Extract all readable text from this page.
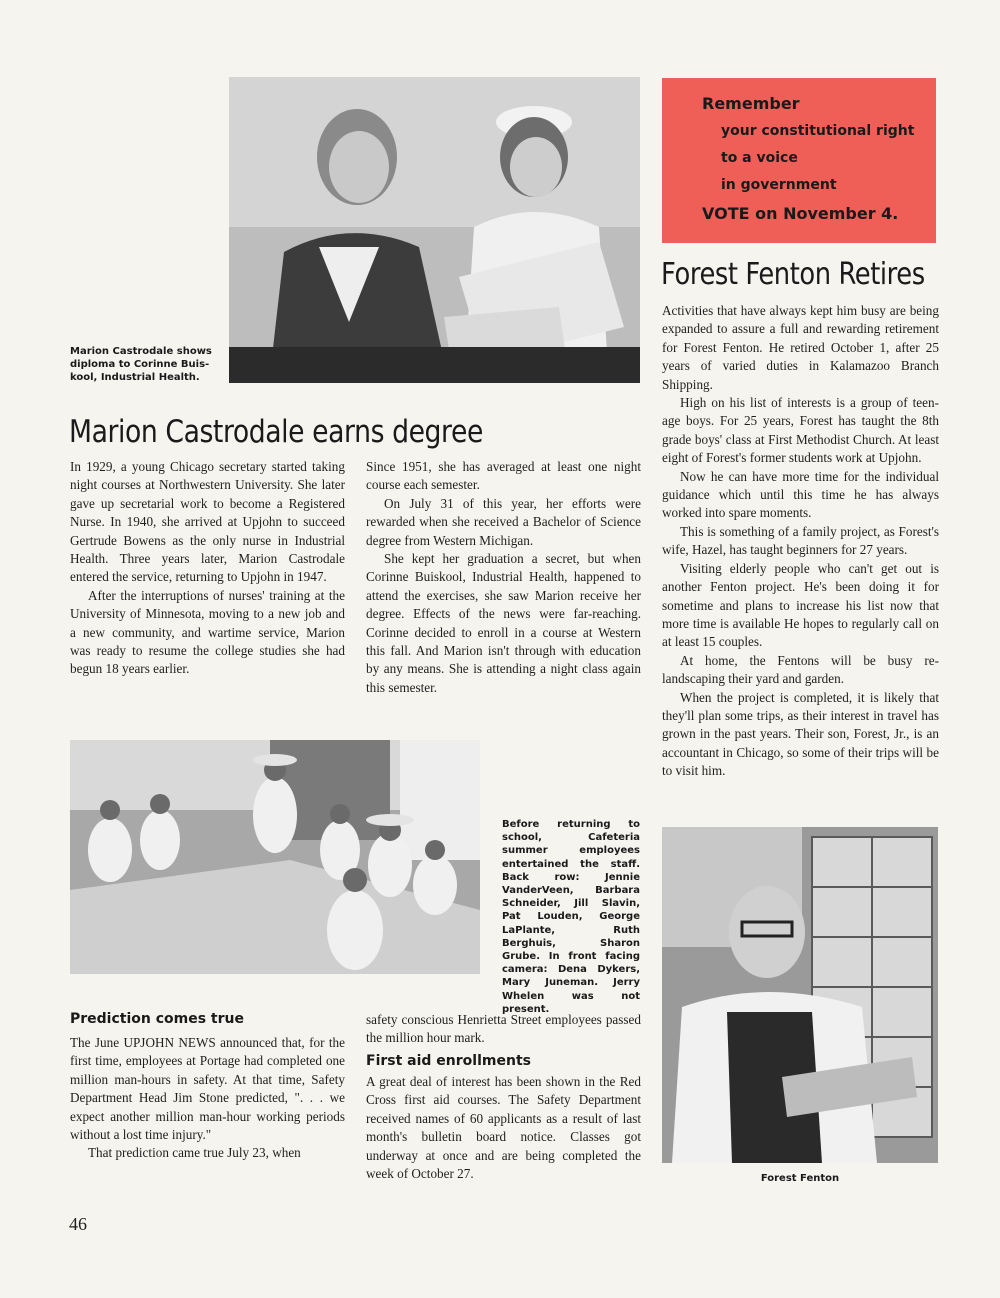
Marion Castrodale shows
diploma to Corinne Buis-
kool, Industrial Health.
Remember
your constitutional right
to a voice
in government
VOTE on November 4.
Forest Fenton Retires

Activities that have always kept him busy are being expanded to assure a full and rewarding retirement for Forest Fenton. He retired October 1, after 25 years of varied duties in Kalamazoo Branch Shipping.

High on his list of interests is a group of teen-age boys. For 25 years, Forest has taught the 8th grade boys' class at First Methodist Church. At least eight of Forest's former students work at Upjohn.

Now he can have more time for the individual guidance which until this time he has always worked into spare moments.

This is something of a family project, as Forest's wife, Hazel, has taught beginners for 27 years.

Visiting elderly people who can't get out is another Fenton project. He's been doing it for sometime and plans to increase his list now that more time is available He hopes to regularly call on at least 15 couples.

At home, the Fentons will be busy re-landscaping their yard and garden.

When the project is completed, it is likely that they'll plan some trips, as their interest in travel has grown in the past years. Their son, Forest, Jr., is an accountant in Chicago, so some of their trips will be to visit him.

Forest Fenton
Marion Castrodale earns degree

In 1929, a young Chicago secretary started taking night courses at Northwestern University. She later gave up secretarial work to become a Registered Nurse. In 1940, she arrived at Upjohn to succeed Gertrude Bowens as the only nurse in Industrial Health. Three years later, Marion Castrodale entered the service, returning to Upjohn in 1947.

After the interruptions of nurses' training at the University of Minnesota, moving to a new job and a new community, and wartime service, Marion was ready to resume the college studies she had begun 18 years earlier.

Since 1951, she has averaged at least one night course each semester.

On July 31 of this year, her efforts were rewarded when she received a Bachelor of Science degree from Western Michigan.

She kept her graduation a secret, but when Corinne Buiskool, Industrial Health, happened to attend the exercises, she saw Marion receive her degree. Effects of the news were far-reaching. Corinne decided to enroll in a course at Western this fall. And Marion isn't through with education by any means. She is attending a night class again this semester.

Before returning to school, Cafeteria summer employees entertained the staff. Back row: Jennie VanderVeen, Barbara Schneider, Jill Slavin, Pat Louden, George LaPlante, Ruth Berghuis, Sharon Grube. In front facing camera: Dena Dykers, Mary Juneman. Jerry Whelen was not present.
Prediction comes true

The June UPJOHN NEWS announced that, for the first time, employees at Portage had completed one million man-hours in safety. At that time, Safety Department Head Jim Stone predicted, ". . . we expect another million man-hour working periods without a lost time injury."

That prediction came true July 23, when

safety conscious Henrietta Street employees passed the million hour mark.

First aid enrollments

A great deal of interest has been shown in the Red Cross first aid courses. The Safety Department received names of 60 applicants as a result of last month's bulletin board notice. Classes got underway at once and are being completed the week of October 27.

46
